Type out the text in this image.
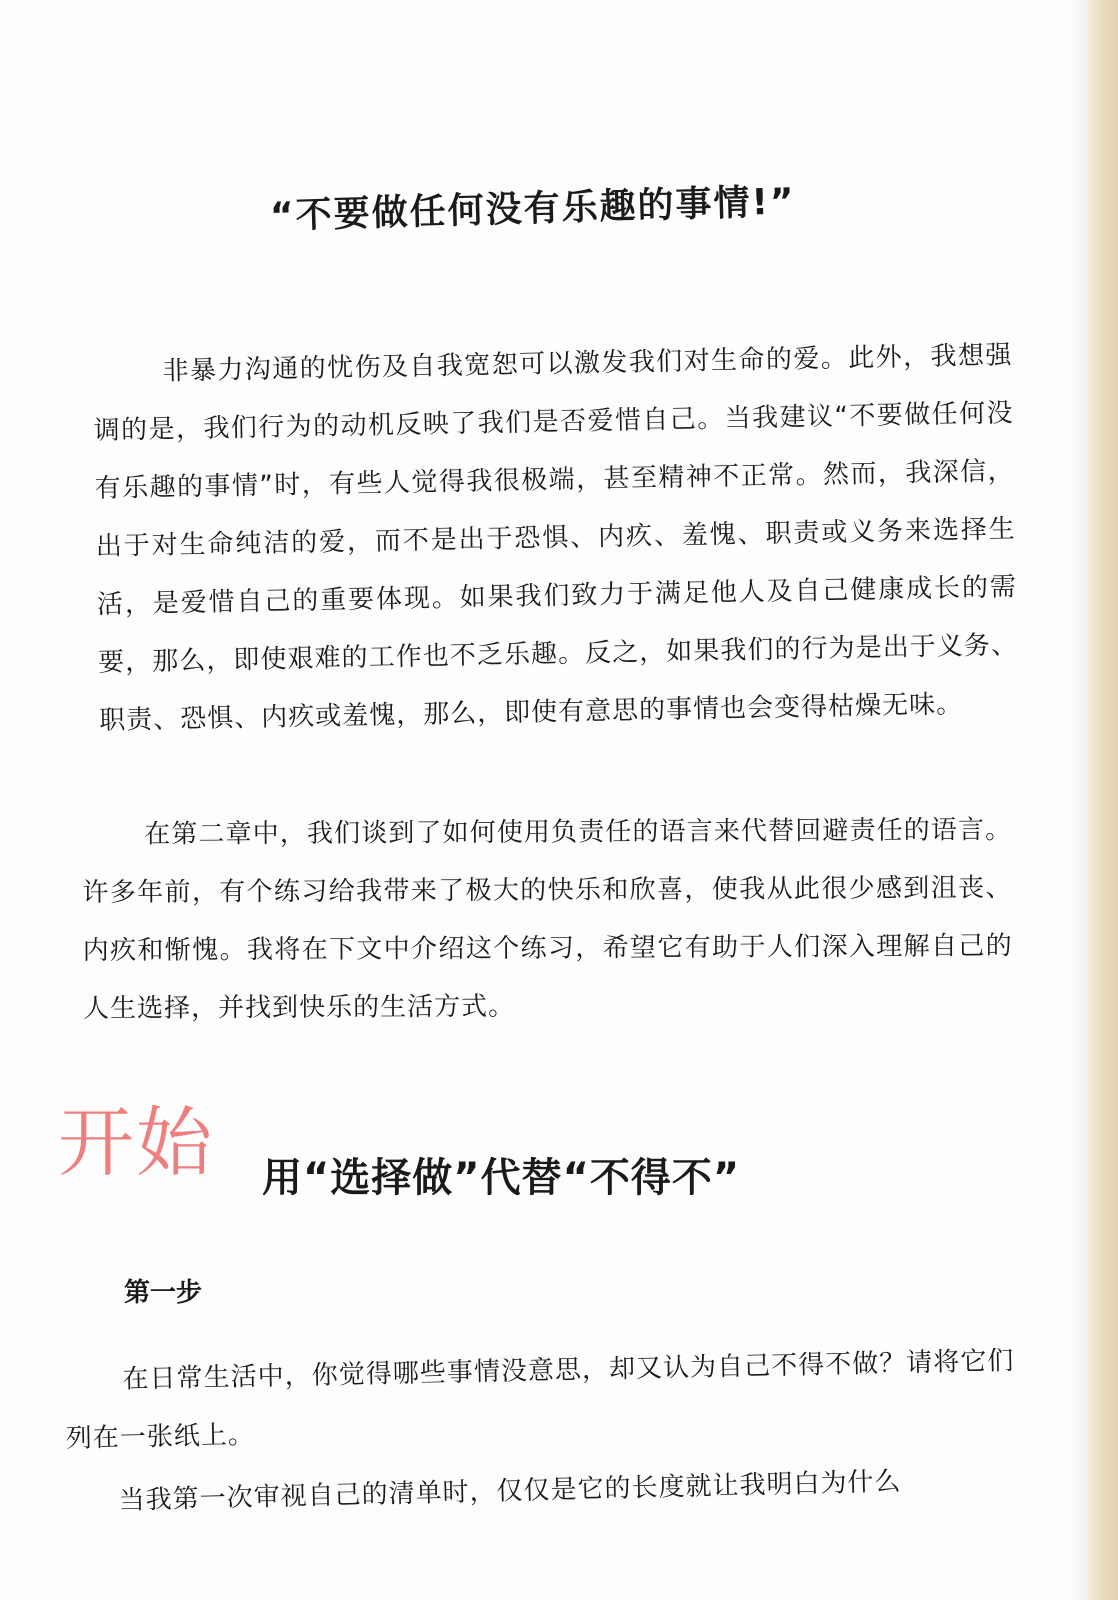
“不要做任何没有乐趣的事情!”

非暴力沟通的忧伤及自我宽恕可以激发我们对生命的爱。此外，我想强调的是，我们行为的动机反映了我们是否爱惜自己。当我建议“不要做任何没有乐趣的事情”时，有些人觉得我很极端，甚至精神不正常。然而，我深信，出于对生命纯洁的爱，而不是出于恐惧、内疚、羞愧、职责或义务来选择生活，是爱惜自己的重要体现。如果我们致力于满足他人及自己健康成长的需要，那么，即使艰难的工作也不乏乐趣。反之，如果我们的行为是出于义务、职责、恐惧、内疚或羞愧，那么，即使有意思的事情也会变得枯燥无味。

在第二章中，我们谈到了如何使用负责任的语言来代替回避责任的语言。许多年前，有个练习给我带来了极大的快乐和欣喜，使我从此很少感到沮丧、内疚和惭愧。我将在下文中介绍这个练习，希望它有助于人们深入理解自己的人生选择，并找到快乐的生活方式。

开始 用“选择做”代替“不得不”
第一步

在日常生活中，你觉得哪些事情没意思，却又认为自己不得不做？请将它们列在一张纸上。

当我第一次审视自己的清单时，仅仅是它的长度就让我明白为什么
